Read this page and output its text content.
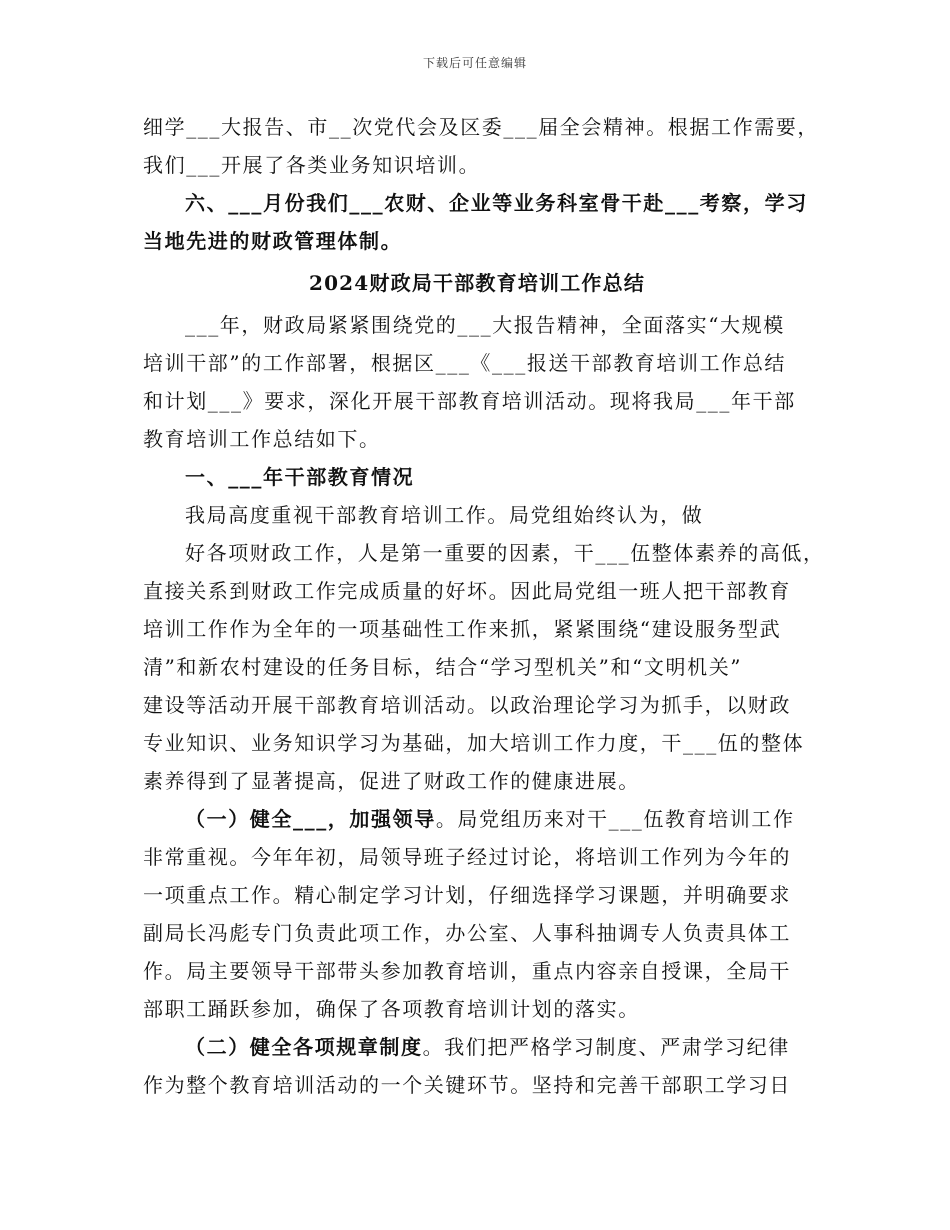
下载后可任意编辑
细学___大报告、市__次党代会及区委___届全会精神。根据工作需要，
我们___开展了各类业务知识培训。
六、___月份我们___农财、企业等业务科室骨干赴___考察，学习
当地先进的财政管理体制。
2024财政局干部教育培训工作总结
___年，财政局紧紧围绕党的___大报告精神，全面落实“大规模
培训干部”的工作部署，根据区___《___报送干部教育培训工作总结
和计划___》要求，深化开展干部教育培训活动。现将我局___年干部
教育培训工作总结如下。
一、___年干部教育情况
我局高度重视干部教育培训工作。局党组始终认为，做
好各项财政工作，人是第一重要的因素，干___伍整体素养的高低，
直接关系到财政工作完成质量的好坏。因此局党组一班人把干部教育
培训工作作为全年的一项基础性工作来抓，紧紧围绕“建设服务型武
清”和新农村建设的任务目标，结合“学习型机关”和“文明机关”
建设等活动开展干部教育培训活动。以政治理论学习为抓手，以财政
专业知识、业务知识学习为基础，加大培训工作力度，干___伍的整体
素养得到了显著提高，促进了财政工作的健康进展。
（一）健全___，加强领导。局党组历来对干___伍教育培训工作
非常重视。今年年初，局领导班子经过讨论，将培训工作列为今年的
一项重点工作。精心制定学习计划，仔细选择学习课题，并明确要求
副局长冯彪专门负责此项工作，办公室、人事科抽调专人负责具体工
作。局主要领导干部带头参加教育培训，重点内容亲自授课，全局干
部职工踊跃参加，确保了各项教育培训计划的落实。
（二）健全各项规章制度。我们把严格学习制度、严肃学习纪律
作为整个教育培训活动的一个关键环节。坚持和完善干部职工学习日
